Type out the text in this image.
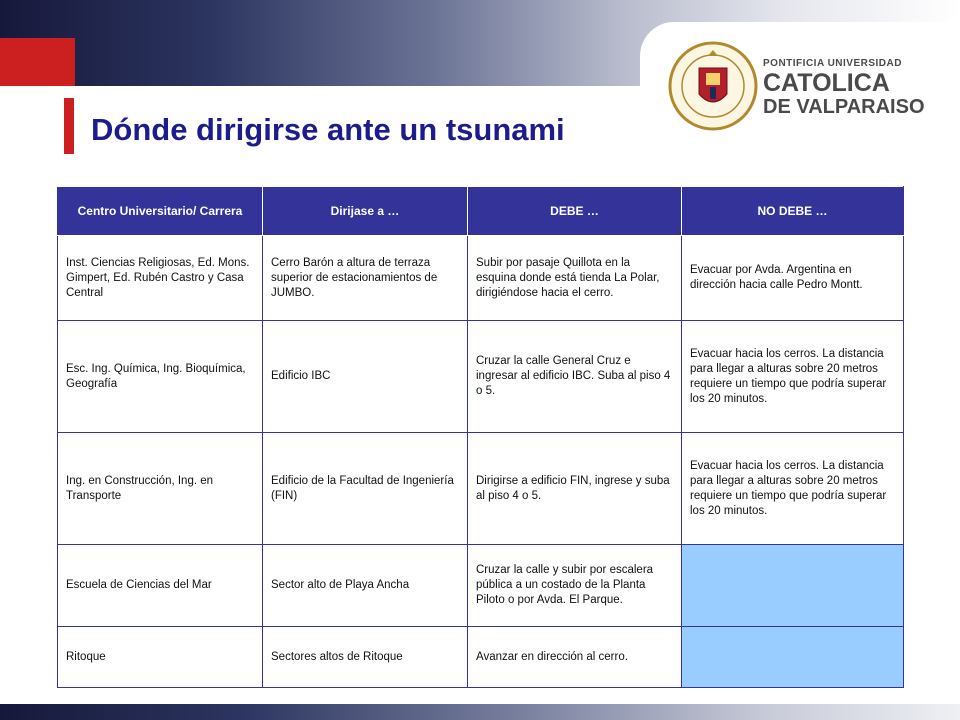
PONTIFICIA UNIVERSIDAD
CATOLICA
DE VALPARAISO
Dónde dirigirse ante un tsunami
Centro Universitario/ Carrera	Dirijase a …	DEBE …	NO DEBE …
Inst. Ciencias Religiosas, Ed. Mons. Gimpert, Ed. Rubén Castro y Casa Central	Cerro Barón a altura de terraza superior de estacionamientos de JUMBO.	Subir por pasaje Quillota en la esquina donde está tienda La Polar, dirigiéndose hacia el cerro.	Evacuar por Avda. Argentina en dirección hacia calle Pedro Montt.
Esc. Ing. Química, Ing. Bioquímica, Geografía	Edificio IBC	Cruzar la calle General Cruz e ingresar al edificio IBC. Suba al piso 4 o 5.	Evacuar hacia los cerros. La distancia para llegar a alturas sobre 20 metros requiere un tiempo que podría superar los 20 minutos.
Ing. en Construcción, Ing. en Transporte	Edificio de la Facultad de Ingeniería (FIN)	Dirigirse a edificio FIN, ingrese y suba al piso 4 o 5.	Evacuar hacia los cerros. La distancia para llegar a alturas sobre 20 metros requiere un tiempo que podría superar los 20 minutos.
Escuela de Ciencias del Mar	Sector alto de Playa Ancha	Cruzar la calle y subir por escalera pública a un costado de la Planta Piloto o por Avda. El Parque.	
Ritoque	Sectores altos de Ritoque	Avanzar en dirección al cerro.	
